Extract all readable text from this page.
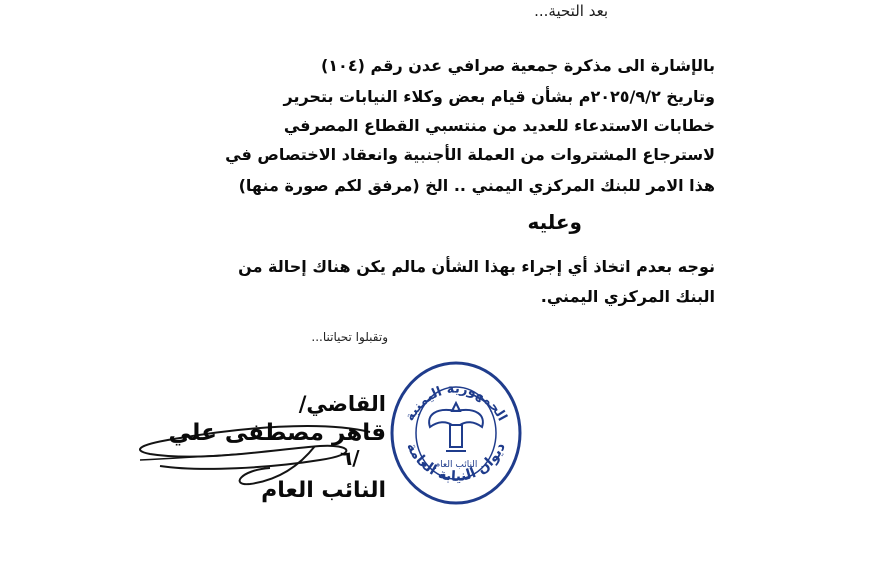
بعد التحية...
بالإشارة الى مذكرة جمعية صرافي عدن رقم (١٠٤)
وتاريخ ٢٠٢٥/٩/٢م بشأن قيام بعض وكلاء النيابات بتحرير
خطابات الاستدعاء للعديد من منتسبي القطاع المصرفي
لاسترجاع المشتروات من العملة الأجنبية وانعقاد الاختصاص في
هذا الامر للبنك المركزي اليمني .. الخ (مرفق لكم صورة منها)
وعليه
نوجه بعدم اتخاذ أي إجراء بهذا الشأن مالم يكن هناك إحالة من
البنك المركزي اليمني.
وتقبلوا تحياتنا...
القاضي/
قاهر مصطفى علي
/٦
النائب العام
الجمهورية اليمنية
ديوان النيابة العامة
النائب العام
